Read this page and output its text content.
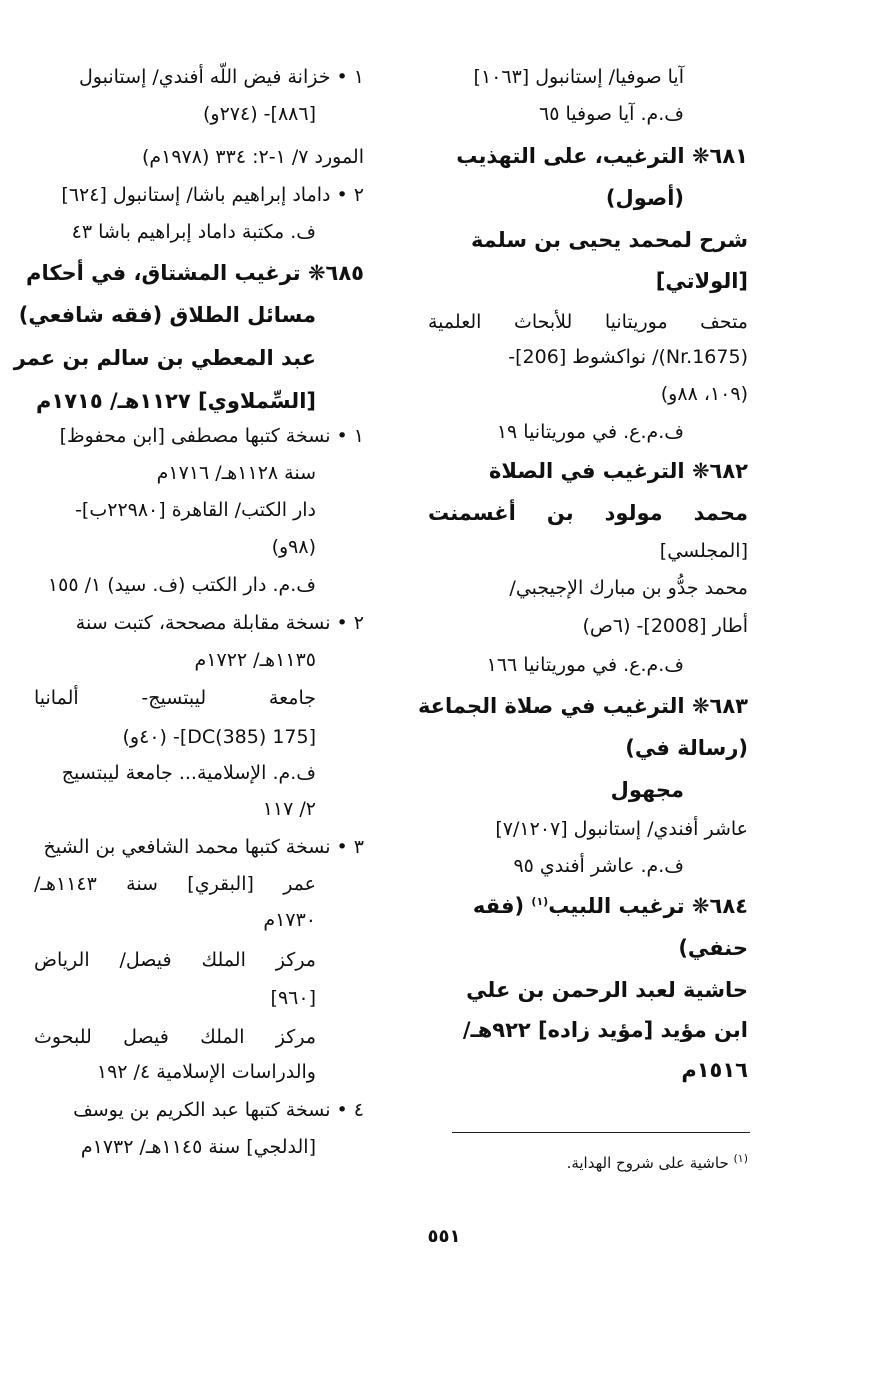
آيا صوفيا/ إستانبول [١٠٦٣]
ف.م. آيا صوفيا ٦٥
٦٨١❋ الترغيب، على التهذيب
(أصول)
شرح لمحمد يحيى بن سلمة
[الولاتي]
متحف موريتانيا للأبحاث العلمية
(Nr.1675)/ نواكشوط [206]-
(١٠٩، ٨٨و)
ف.م.ع. في موريتانيا ١٩
٦٨٢❋ الترغيب في الصلاة
محمد مولود بن أغسمنت
[المجلسي]
محمد جدُّو بن مبارك الإجيجبي/
أطار [2008]- (٦ص)
ف.م.ع. في موريتانيا ١٦٦
٦٨٣❋ الترغيب في صلاة الجماعة
(رسالة في)
مجهول
عاشر أفندي/ إستانبول [٧/١٢٠٧]
ف.م. عاشر أفندي ٩٥
٦٨٤❋ ترغيب اللبيب$^{(١)}$ (فقه
حنفي)
حاشية لعبد الرحمن بن علي
ابن مؤيد [مؤيد زاده] ٩٢٢هـ/
١٥١٦م
١ • خزانة فيض اللّه أفندي/ إستانبول
[٨٨٦]- (٢٧٤و)
المورد ٧/ ١-٢: ٣٣٤ (١٩٧٨م)
٢ • داماد إبراهيم باشا/ إستانبول [٦٢٤]
ف. مكتبة داماد إبراهيم باشا ٤٣
٦٨٥❋ ترغيب المشتاق، في أحكام
مسائل الطلاق (فقه شافعي)
عبد المعطي بن سالم بن عمر
[السِّملاوي] ١١٢٧هـ/ ١٧١٥م
١ • نسخة كتبها مصطفى [ابن محفوظ]
سنة ١١٢٨هـ/ ١٧١٦م
دار الكتب/ القاهرة [٢٢٩٨٠ب]-
(٩٨و)
ف.م. دار الكتب (ف. سيد) ١/ ١٥٥
٢ • نسخة مقابلة مصححة، كتبت سنة
١١٣٥هـ/ ١٧٢٢م
جامعة ليبتسيج- ألمانيا
[175 DC(385)]- (٤٠و)
ف.م. الإسلامية... جامعة ليبتسيج
٢/ ١١٧
٣ • نسخة كتبها محمد الشافعي بن الشيخ
عمر [البقري] سنة ١١٤٣هـ/
١٧٣٠م
مركز الملك فيصل/ الرياض
[٩٦٠]
مركز الملك فيصل للبحوث
والدراسات الإسلامية ٤/ ١٩٢
٤ • نسخة كتبها عبد الكريم بن يوسف
[الدلجي] سنة ١١٤٥هـ/ ١٧٣٢م
$^{(١)}$ حاشية على شروح الهداية.
٥٥١
